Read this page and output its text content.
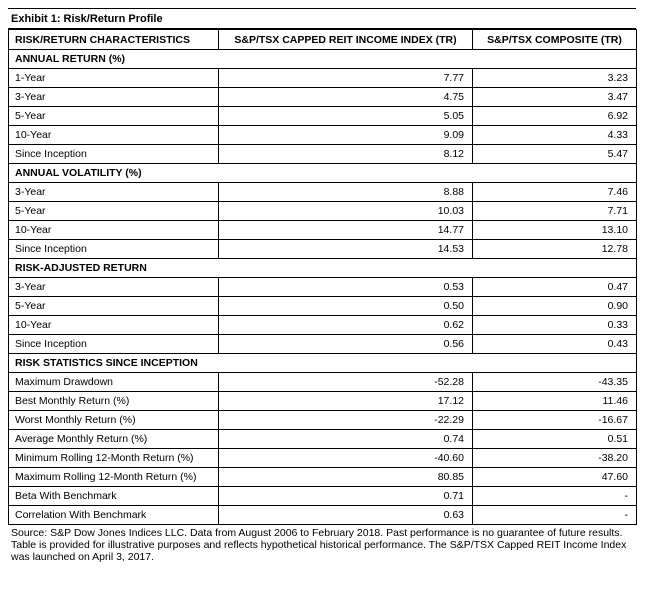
Exhibit 1: Risk/Return Profile
RISK/RETURN CHARACTERISTICS	S&P/TSX CAPPED REIT INCOME INDEX (TR)	S&P/TSX COMPOSITE (TR)
ANNUAL RETURN (%)		
1-Year	7.77	3.23
3-Year	4.75	3.47
5-Year	5.05	6.92
10-Year	9.09	4.33
Since Inception	8.12	5.47
ANNUAL VOLATILITY (%)		
3-Year	8.88	7.46
5-Year	10.03	7.71
10-Year	14.77	13.10
Since Inception	14.53	12.78
RISK-ADJUSTED RETURN		
3-Year	0.53	0.47
5-Year	0.50	0.90
10-Year	0.62	0.33
Since Inception	0.56	0.43
RISK STATISTICS SINCE INCEPTION		
Maximum Drawdown	-52.28	-43.35
Best Monthly Return (%)	17.12	11.46
Worst Monthly Return (%)	-22.29	-16.67
Average Monthly Return (%)	0.74	0.51
Minimum Rolling 12-Month Return (%)	-40.60	-38.20
Maximum Rolling 12-Month Return (%)	80.85	47.60
Beta With Benchmark	0.71	-
Correlation With Benchmark	0.63	-
Source: S&P Dow Jones Indices LLC. Data from August 2006 to February 2018. Past performance is no guarantee of future results. Table is provided for illustrative purposes and reflects hypothetical historical performance. The S&P/TSX Capped REIT Income Index was launched on April 3, 2017.
